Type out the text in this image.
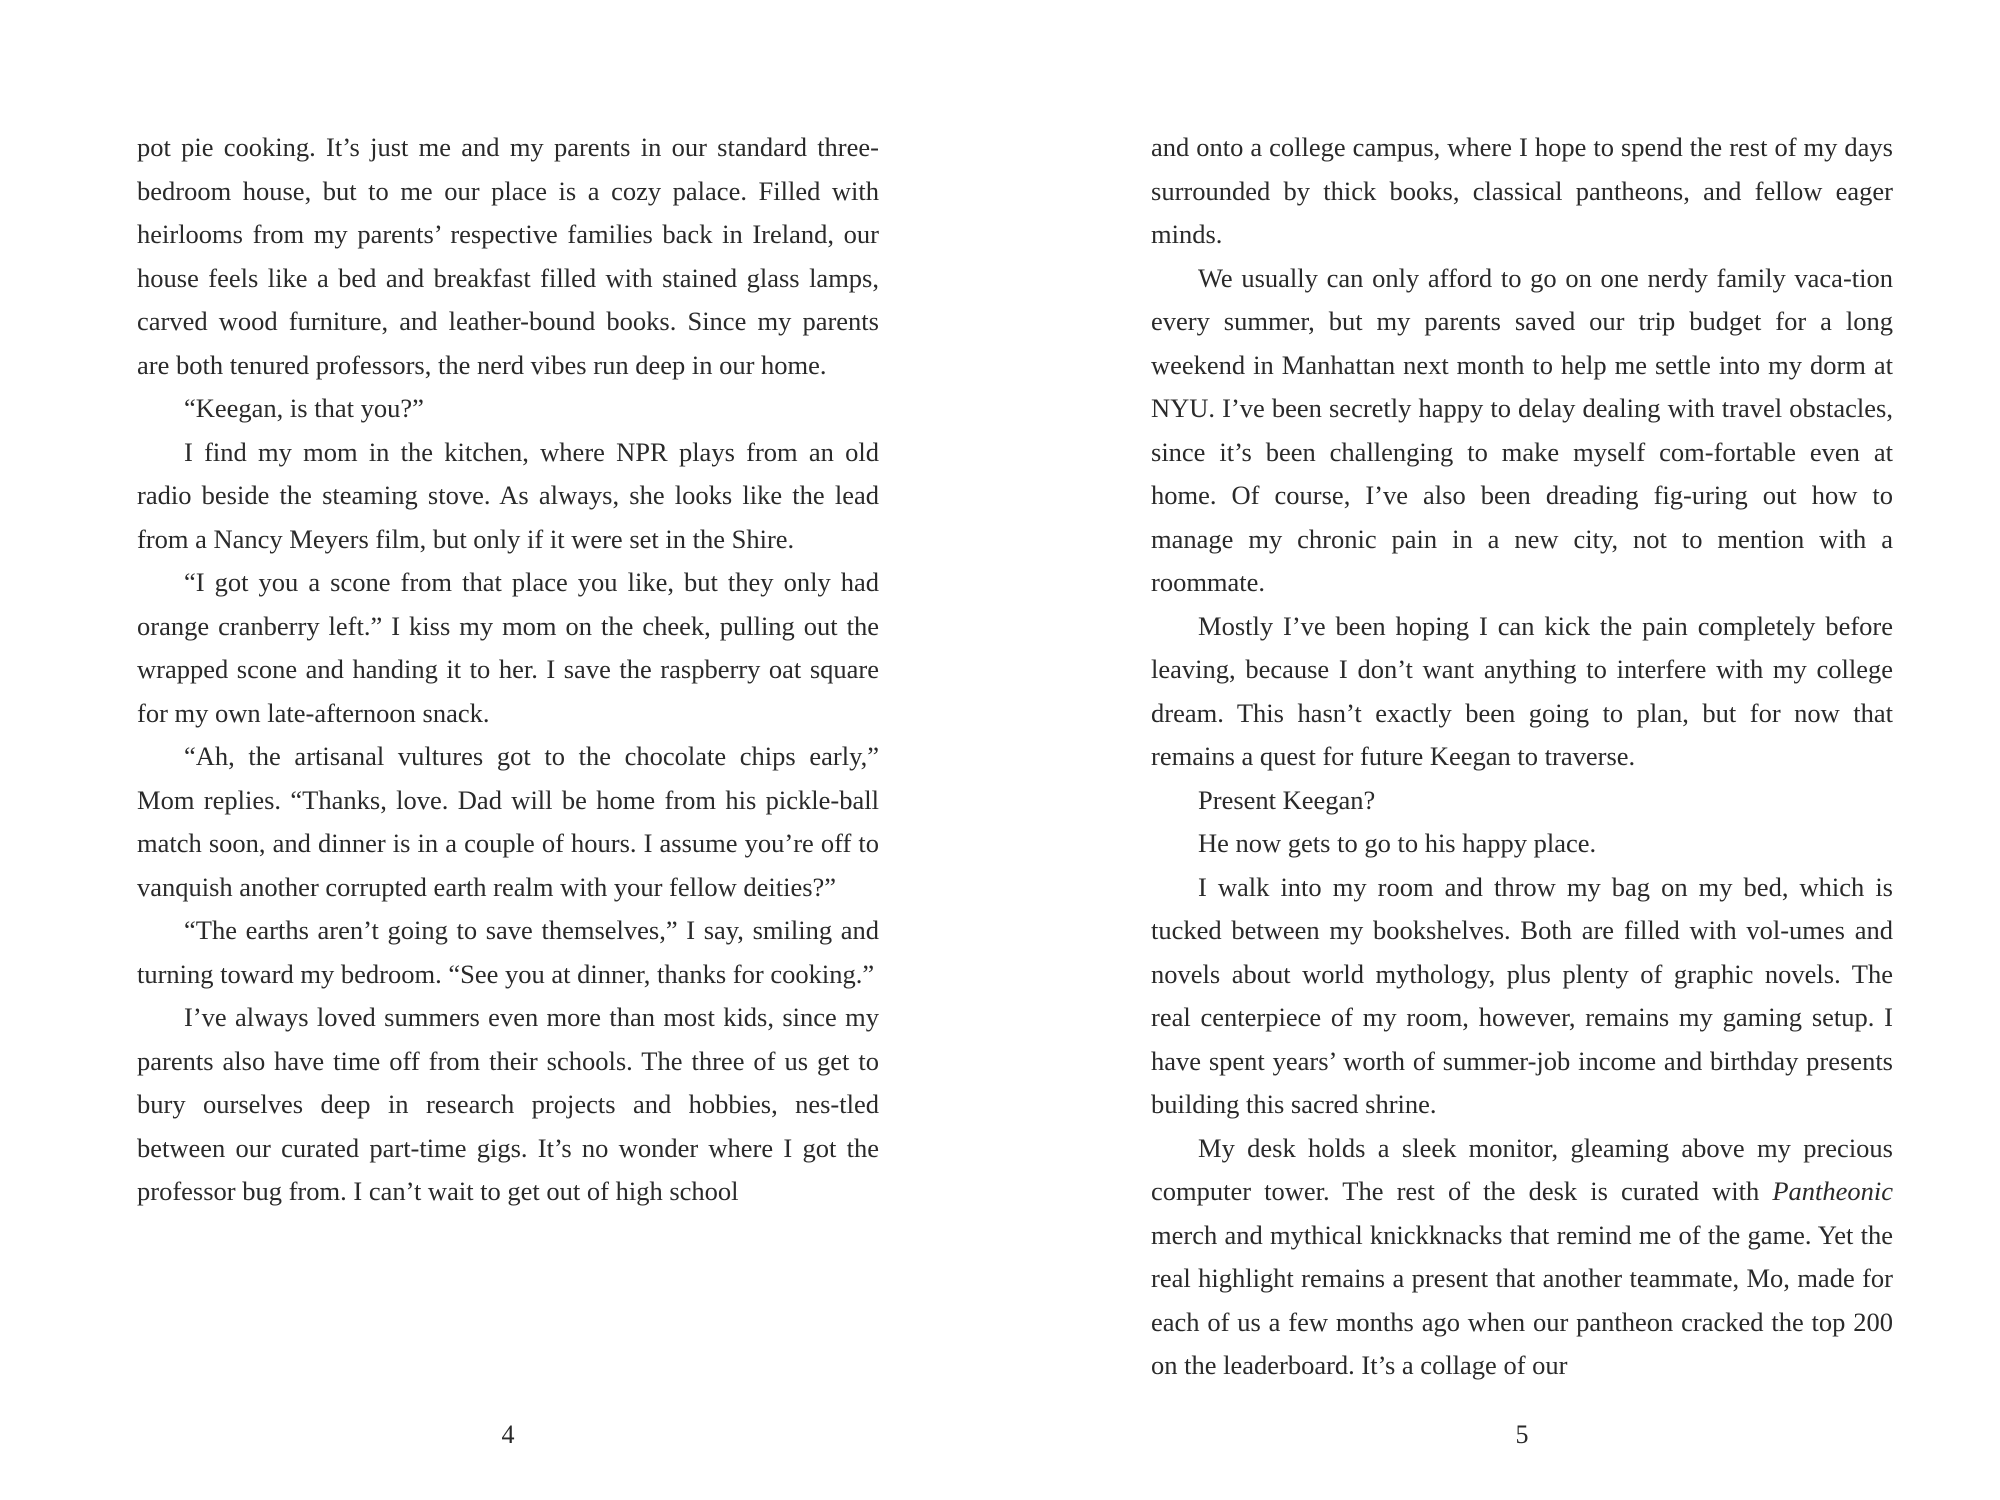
pot pie cooking. It’s just me and my parents in our standard three-bedroom house, but to me our place is a cozy palace. Filled with heirlooms from my parents’ respective families back in Ireland, our house feels like a bed and breakfast filled with stained glass lamps, carved wood furniture, and leather-bound books. Since my parents are both tenured professors, the nerd vibes run deep in our home.

“Keegan, is that you?”

I find my mom in the kitchen, where NPR plays from an old radio beside the steaming stove. As always, she looks like the lead from a Nancy Meyers film, but only if it were set in the Shire.

“I got you a scone from that place you like, but they only had orange cranberry left.” I kiss my mom on the cheek, pulling out the wrapped scone and handing it to her. I save the raspberry oat square for my own late-afternoon snack.

“Ah, the artisanal vultures got to the chocolate chips early,” Mom replies. “Thanks, love. Dad will be home from his pickle-ball match soon, and dinner is in a couple of hours. I assume you’re off to vanquish another corrupted earth realm with your fellow deities?”

“The earths aren’t going to save themselves,” I say, smiling and turning toward my bedroom. “See you at dinner, thanks for cooking.”

I’ve always loved summers even more than most kids, since my parents also have time off from their schools. The three of us get to bury ourselves deep in research projects and hobbies, nes-tled between our curated part-time gigs. It’s no wonder where I got the professor bug from. I can’t wait to get out of high school

4

and onto a college campus, where I hope to spend the rest of my days surrounded by thick books, classical pantheons, and fellow eager minds.

We usually can only afford to go on one nerdy family vaca-tion every summer, but my parents saved our trip budget for a long weekend in Manhattan next month to help me settle into my dorm at NYU. I’ve been secretly happy to delay dealing with travel obstacles, since it’s been challenging to make myself com-fortable even at home. Of course, I’ve also been dreading fig-uring out how to manage my chronic pain in a new city, not to mention with a roommate.

Mostly I’ve been hoping I can kick the pain completely before leaving, because I don’t want anything to interfere with my college dream. This hasn’t exactly been going to plan, but for now that remains a quest for future Keegan to traverse.

Present Keegan?

He now gets to go to his happy place.

I walk into my room and throw my bag on my bed, which is tucked between my bookshelves. Both are filled with vol-umes and novels about world mythology, plus plenty of graphic novels. The real centerpiece of my room, however, remains my gaming setup. I have spent years’ worth of summer-job income and birthday presents building this sacred shrine.

My desk holds a sleek monitor, gleaming above my precious computer tower. The rest of the desk is curated with Pantheonic merch and mythical knickknacks that remind me of the game. Yet the real highlight remains a present that another teammate, Mo, made for each of us a few months ago when our pantheon cracked the top 200 on the leaderboard. It’s a collage of our

5
